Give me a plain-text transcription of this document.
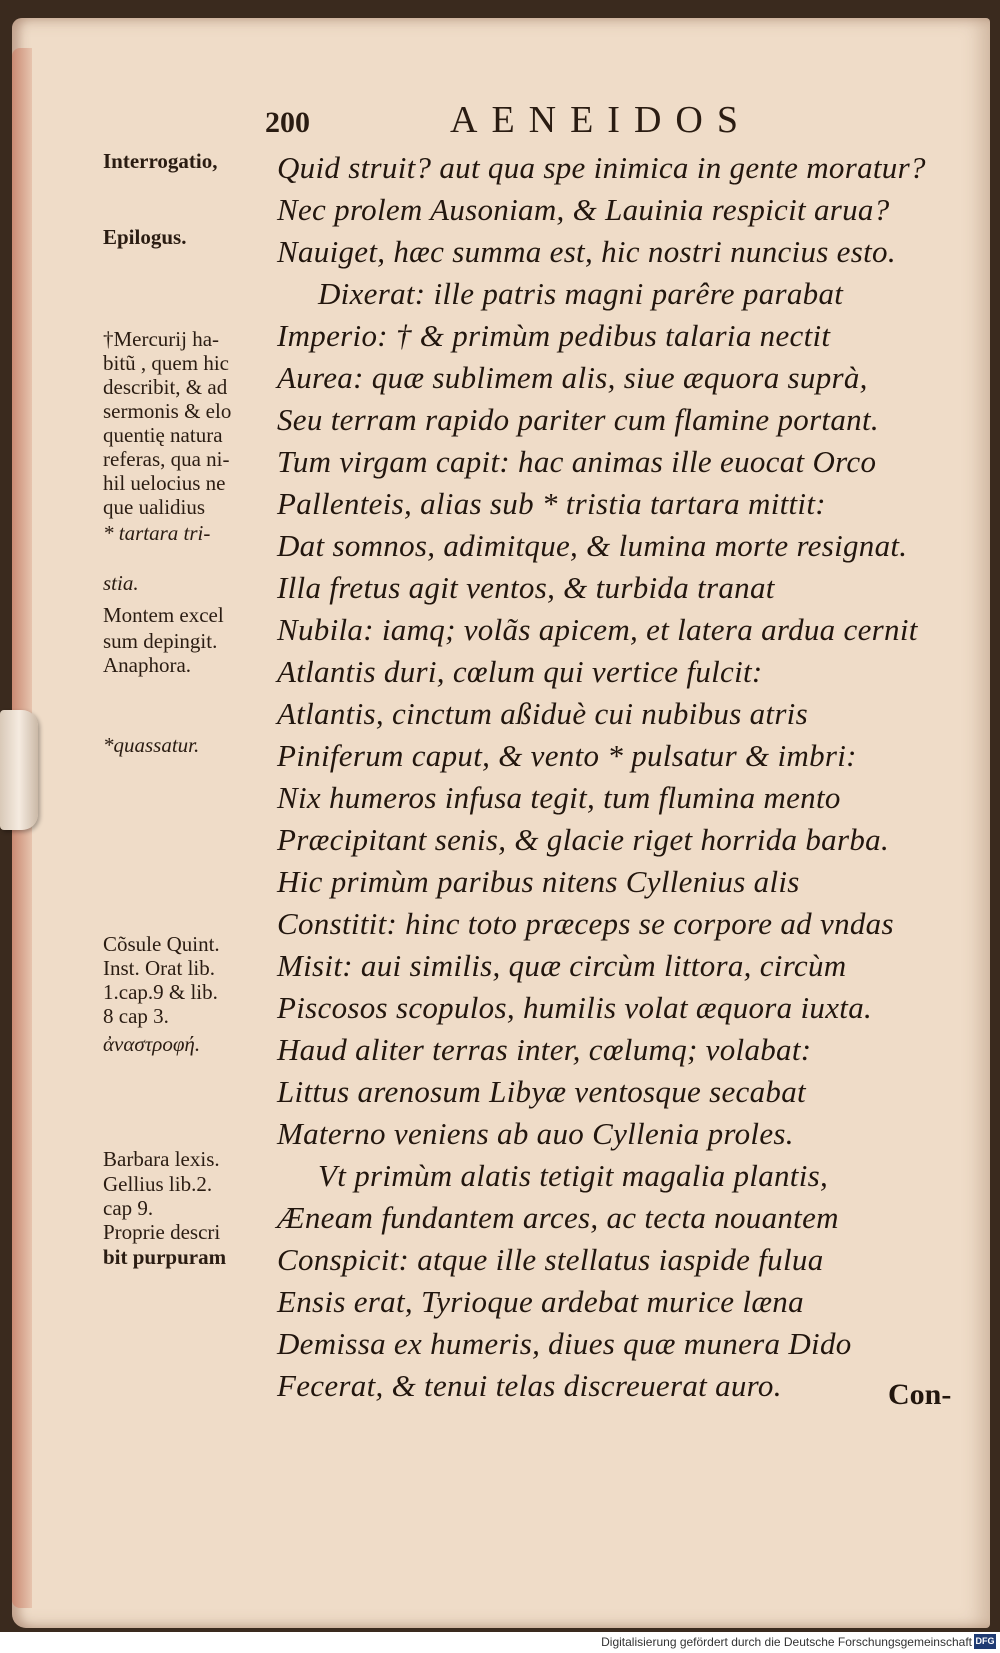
200	AENEIDOS
Interrogatio,
Epilogus.
†Mercurij ha-
bitũ , quem hic
describit, & ad
sermonis & elo
quentię natura
referas, qua ni-
hil uelocius ne
que ualidius
* tartara tri-
stia.
Montem excel
sum depingit.
Anaphora.
*quassatur.
Cõsule Quint.
Inst. Orat lib.
1.cap.9 & lib.
8 cap 3.
ἀναστροφή.
Barbara lexis.
Gellius lib.2.
cap 9.
Proprie descri
bit purpuram
Quid struit? aut qua spe inimica in gente moratur?
Nec prolem Ausoniam, & Lauinia respicit arua?
Nauiget, hæc summa est, hic nostri nuncius esto.
Dixerat: ille patris magni parêre parabat
Imperio: † & primùm pedibus talaria nectit
Aurea: quæ sublimem alis, siue æquora suprà,
Seu terram rapido pariter cum flamine portant.
Tum virgam capit: hac animas ille euocat Orco
Pallenteis, alias sub * tristia tartara mittit:
Dat somnos, adimitque, & lumina morte resignat.
Illa fretus agit ventos, & turbida tranat
Nubila: iamq; volãs apicem, et latera ardua cernit
Atlantis duri, cœlum qui vertice fulcit:
Atlantis, cinctum aßiduè cui nubibus atris
Piniferum caput, & vento * pulsatur & imbri:
Nix humeros infusa tegit, tum flumina mento
Præcipitant senis, & glacie riget horrida barba.
Hic primùm paribus nitens Cyllenius alis
Constitit: hinc toto præceps se corpore ad vndas
Misit: aui similis, quæ circùm littora, circùm
Piscosos scopulos, humilis volat æquora iuxta.
Haud aliter terras inter, cœlumq; volabat:
Littus arenosum Libyæ ventosque secabat
Materno veniens ab auo Cyllenia proles.
Vt primùm alatis tetigit magalia plantis,
Æneam fundantem arces, ac tecta nouantem
Conspicit: atque ille stellatus iaspide fulua
Ensis erat, Tyrioque ardebat murice læna
Demissa ex humeris, diues quæ munera Dido
Fecerat, & tenui telas discreuerat auro.	Con-
Digitalisierung gefördert durch die Deutsche Forschungsgemeinschaft DFG
